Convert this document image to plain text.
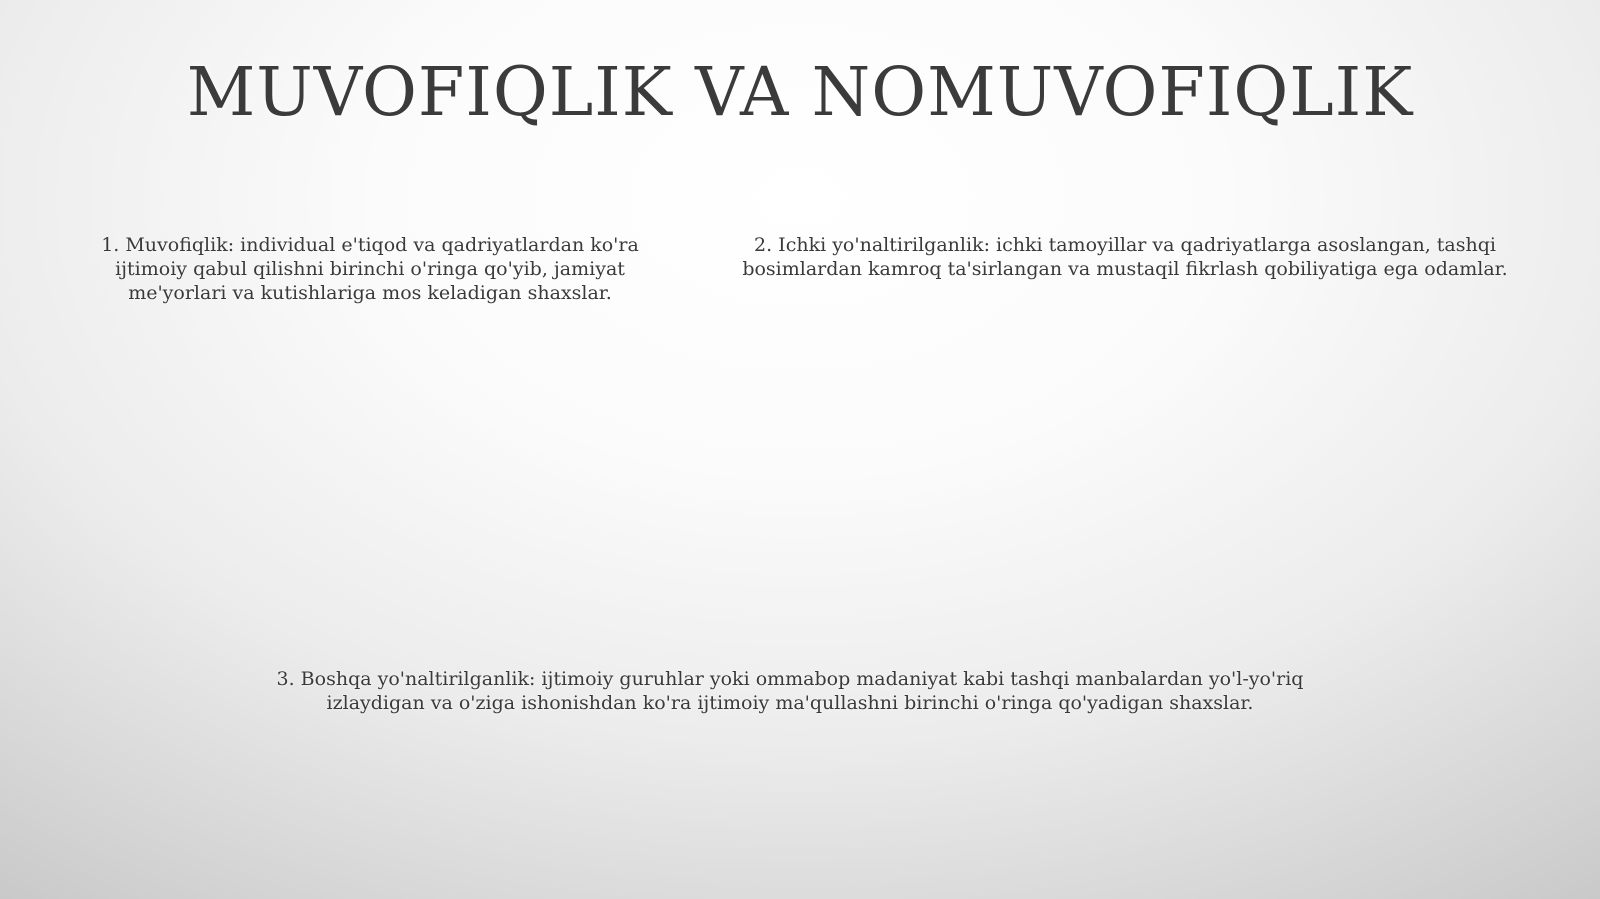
MUVOFIQLIK VA NOMUVOFIQLIK

1. Muvofiqlik: individual e'tiqod va qadriyatlardan ko'ra ijtimoiy qabul qilishni birinchi o'ringa qo'yib, jamiyat me'yorlari va kutishlariga mos keladigan shaxslar.

2. Ichki yo'naltirilganlik: ichki tamoyillar va qadriyatlarga asoslangan, tashqi bosimlardan kamroq ta'sirlangan va mustaqil fikrlash qobiliyatiga ega odamlar.

3. Boshqa yo'naltirilganlik: ijtimoiy guruhlar yoki ommabop madaniyat kabi tashqi manbalardan yo'l-yo'riq izlaydigan va o'ziga ishonishdan ko'ra ijtimoiy ma'qullashni birinchi o'ringa qo'yadigan shaxslar.
